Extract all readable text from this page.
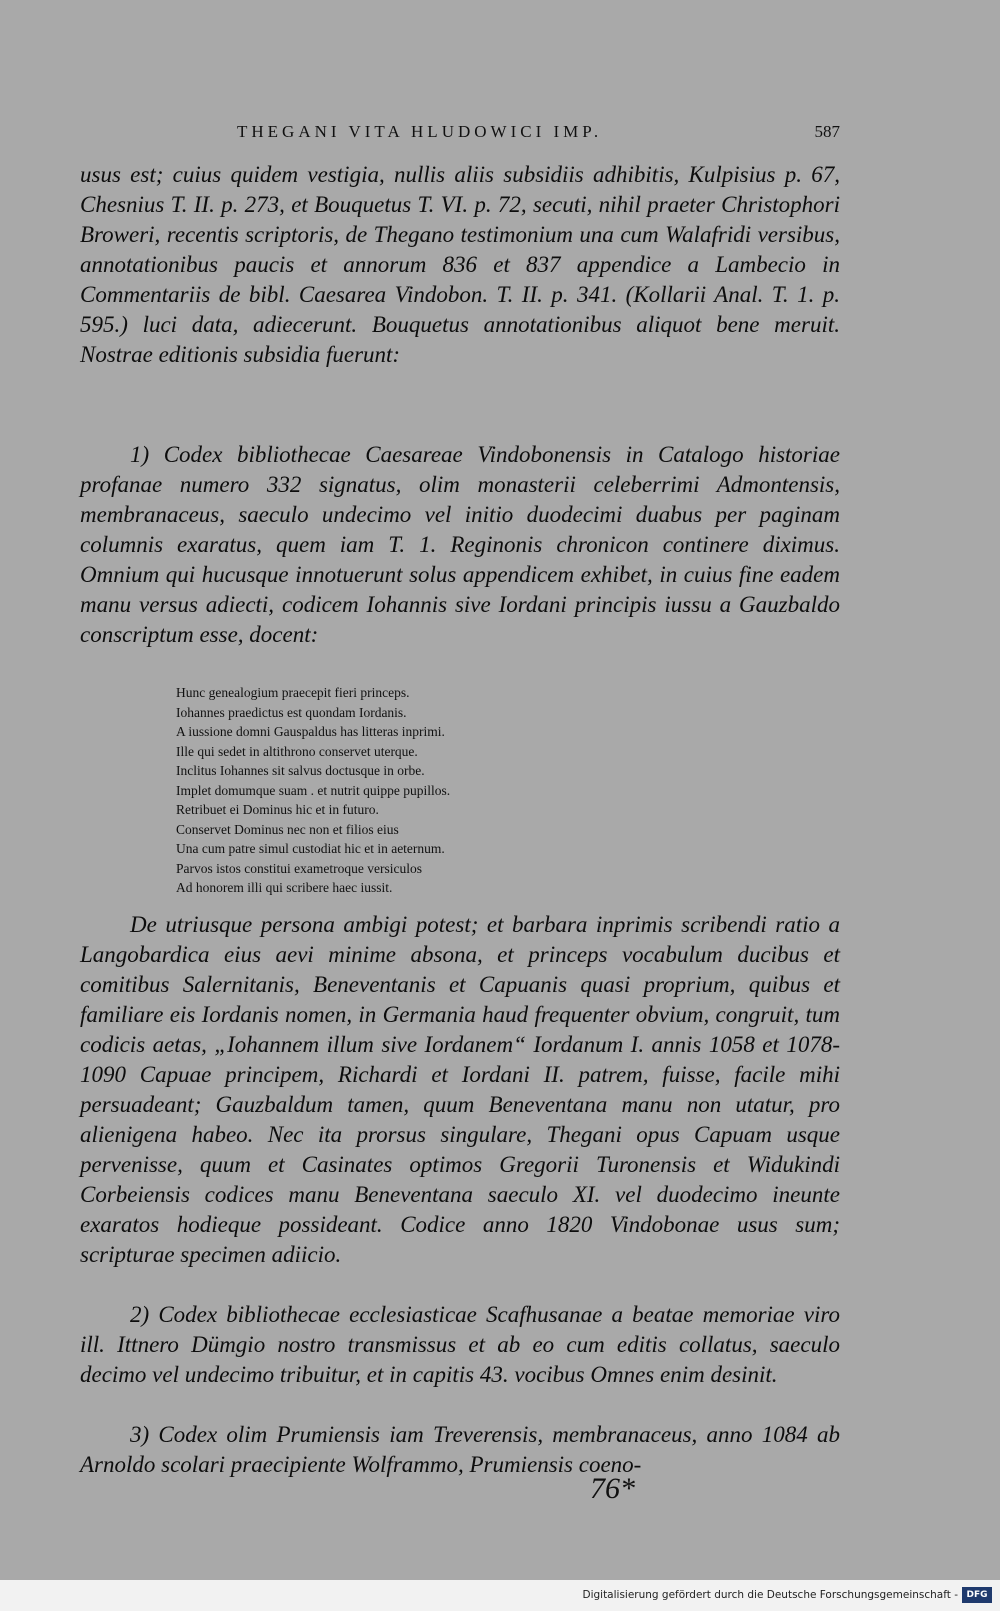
THEGANI VITA HLUDOWICI IMP.	587

usus est; cuius quidem vestigia, nullis aliis subsidiis adhibitis, Kulpisius p. 67, Chesnius T. II. p. 273, et Bouquetus T. VI. p. 72, secuti, nihil praeter Christophori Broweri, recentis scriptoris, de Thegano testimonium una cum Walafridi versibus, annotationibus paucis et annorum 836 et 837 appendice a Lambecio in Commentariis de bibl. Caesarea Vindobon. T. II. p. 341. (Kollarii Anal. T. 1. p. 595.) luci data, adiecerunt. Bouquetus annotationibus aliquot bene meruit. Nostrae editionis subsidia fuerunt:

1) Codex bibliothecae Caesareae Vindobonensis in Catalogo historiae profanae numero 332 signatus, olim monasterii celeberrimi Admontensis, membranaceus, saeculo undecimo vel initio duodecimi duabus per paginam columnis exaratus, quem iam T. 1. Reginonis chronicon continere diximus. Omnium qui hucusque innotuerunt solus appendicem exhibet, in cuius fine eadem manu versus adiecti, codicem Iohannis sive Iordani principis iussu a Gauzbaldo conscriptum esse, docent:

Hunc genealogium praecepit fieri princeps.
Iohannes praedictus est quondam Iordanis.
A iussione domni Gauspaldus has litteras inprimi.
Ille qui sedet in altithrono conservet uterque.
Inclitus Iohannes sit salvus doctusque in orbe.
Implet domumque suam . et nutrit quippe pupillos.
Retribuet ei Dominus hic et in futuro.
Conservet Dominus nec non et filios eius
Una cum patre simul custodiat hic et in aeternum.
Parvos istos constitui exametroque versiculos
Ad honorem illi qui scribere haec iussit.

De utriusque persona ambigi potest; et barbara inprimis scribendi ratio a Langobardica eius aevi minime absona, et princeps vocabulum ducibus et comitibus Salernitanis, Beneventanis et Capuanis quasi proprium, quibus et familiare eis Iordanis nomen, in Germania haud frequenter obvium, congruit, tum codicis aetas, „Iohannem illum sive Iordanem“ Iordanum I. annis 1058 et 1078-1090 Capuae principem, Richardi et Iordani II. patrem, fuisse, facile mihi persuadeant; Gauzbaldum tamen, quum Beneventana manu non utatur, pro alienigena habeo. Nec ita prorsus singulare, Thegani opus Capuam usque pervenisse, quum et Casinates optimos Gregorii Turonensis et Widukindi Corbeiensis codices manu Beneventana saeculo XI. vel duodecimo ineunte exaratos hodieque possideant. Codice anno 1820 Vindobonae usus sum; scripturae specimen adiicio.

2) Codex bibliothecae ecclesiasticae Scafhusanae a beatae memoriae viro ill. Ittnero Dümgio nostro transmissus et ab eo cum editis collatus, saeculo decimo vel undecimo tribuitur, et in capitis 43. vocibus Omnes enim desinit.

3) Codex olim Prumiensis iam Treverensis, membranaceus, anno 1084 ab Arnoldo scolari praecipiente Wolframmo, Prumiensis coeno-

76*
Digitalisierung gefördert durch die Deutsche Forschungsgemeinschaft - DFG
